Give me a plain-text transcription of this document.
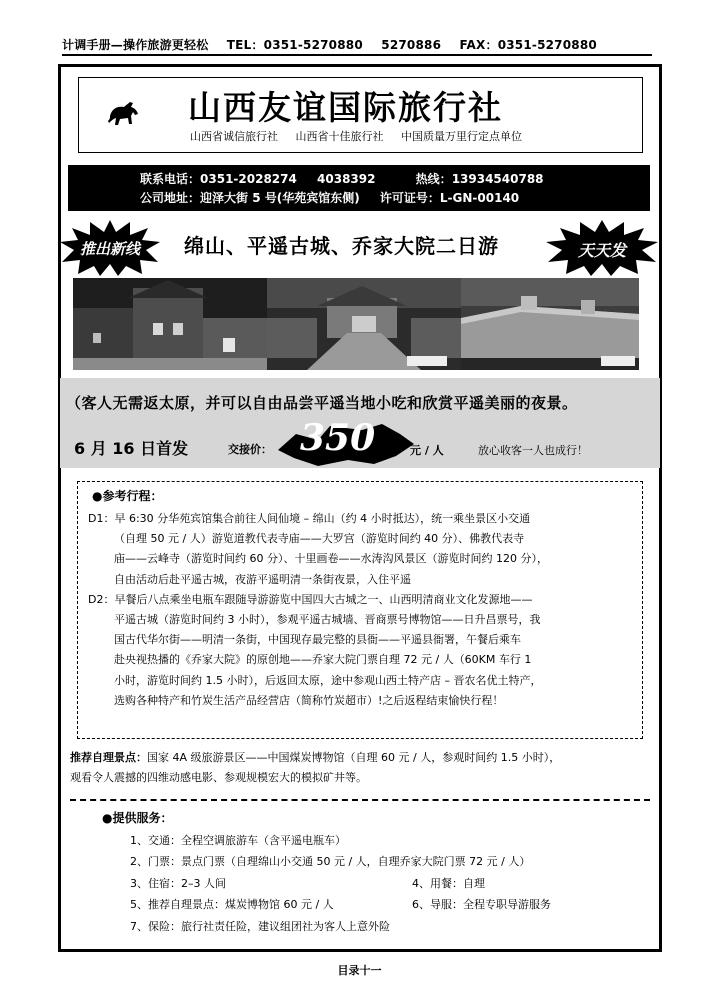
计调手册—操作旅游更轻松 TEL：0351-5270880 5270886 FAX：0351-5270880
山西友谊国际旅行社
山西省诚信旅行社 山西省十佳旅行社 中国质量万里行定点单位
联系电话：0351-2028274 4038392	热线：13934540788
公司地址：迎泽大街 5 号(华苑宾馆东侧) 许可证号：L-GN-00140
推出新线	绵山、平遥古城、乔家大院二日游	天天发
（客人无需返太原，并可以自由品尝平遥当地小吃和欣赏平遥美丽的夜景。
6 月 16 日首发	交接价： 350	元 / 人	放心收客一人也成行！
●参考行程：
D1：早 6:30 分华苑宾馆集合前往人间仙境 – 绵山（约 4 小时抵达），统一乘坐景区小交通
（自理 50 元 / 人）游览道教代表寺庙——大罗宫（游览时间约 40 分）、佛教代表寺
庙——云峰寺（游览时间约 60 分）、十里画卷——水涛沟风景区（游览时间约 120 分），
自由活动后赴平遥古城，夜游平遥明清一条街夜景，入住平遥
D2：早餐后八点乘坐电瓶车跟随导游游览中国四大古城之一、山西明清商业文化发源地——
平遥古城（游览时间约 3 小时），参观平遥古城墙、晋商票号博物馆——日升昌票号，我
国古代华尔街——明清一条街，中国现存最完整的县衙——平遥县衙署，午餐后乘车
赴央视热播的《乔家大院》的原创地——乔家大院门票自理 72 元 / 人（60KM 车行 1
小时，游览时间约 1.5 小时），后返回太原，途中参观山西土特产店 – 晋农名优土特产，
选购各种特产和竹炭生活产品经营店（简称竹炭超市）!之后返程结束愉快行程！
推荐自理景点：国家 4A 级旅游景区——中国煤炭博物馆（自理 60 元 / 人，参观时间约 1.5 小时），
观看令人震撼的四维动感电影、参观规模宏大的模拟矿井等。
●提供服务：
1、交通：全程空调旅游车（含平遥电瓶车）
2、门票：景点门票（自理绵山小交通 50 元 / 人，自理乔家大院门票 72 元 / 人）
3、住宿：2–3 人间	4、用餐：自理
5、推荐自理景点：煤炭博物馆 60 元 / 人	6、导服：全程专职导游服务
7、保险：旅行社责任险，建议组团社为客人上意外险
目录十一
